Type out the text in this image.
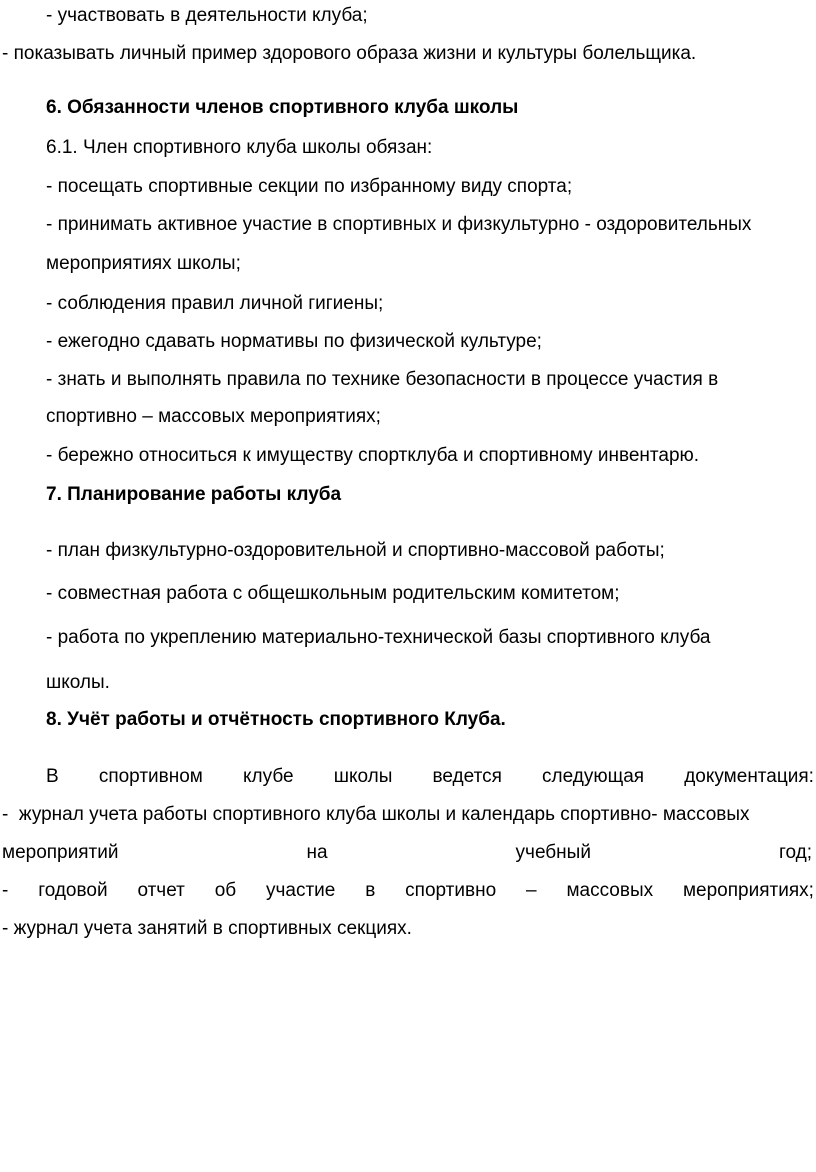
- участвовать в деятельности клуба;
- показывать личный пример здорового образа жизни и культуры болельщика.
6. Обязанности членов спортивного клуба школы
6.1. Член спортивного клуба школы обязан:
- посещать спортивные секции по избранному виду спорта;
- принимать активное участие в спортивных и физкультурно - оздоровительных
мероприятиях школы;
- соблюдения правил личной гигиены;
- ежегодно сдавать нормативы по физической культуре;
- знать и выполнять правила по технике безопасности в процессе участия в
спортивно – массовых мероприятиях;
- бережно относиться к имуществу спортклуба и спортивному инвентарю.
7. Планирование работы клуба
- план физкультурно-оздоровительной и спортивно-массовой работы;
- совместная работа с общешкольным родительским комитетом;
- работа по укреплению материально-технической базы спортивного клуба
школы.
8. Учёт работы и отчётность спортивного Клуба.
В спортивном клубе школы ведется следующая документация:
- журнал учета работы спортивного клуба школы и календарь спортивно- массовых
мероприятий	на	учебный	год;
- годовой отчет об участие в спортивно – массовых мероприятиях;
- журнал учета занятий в спортивных секциях.
